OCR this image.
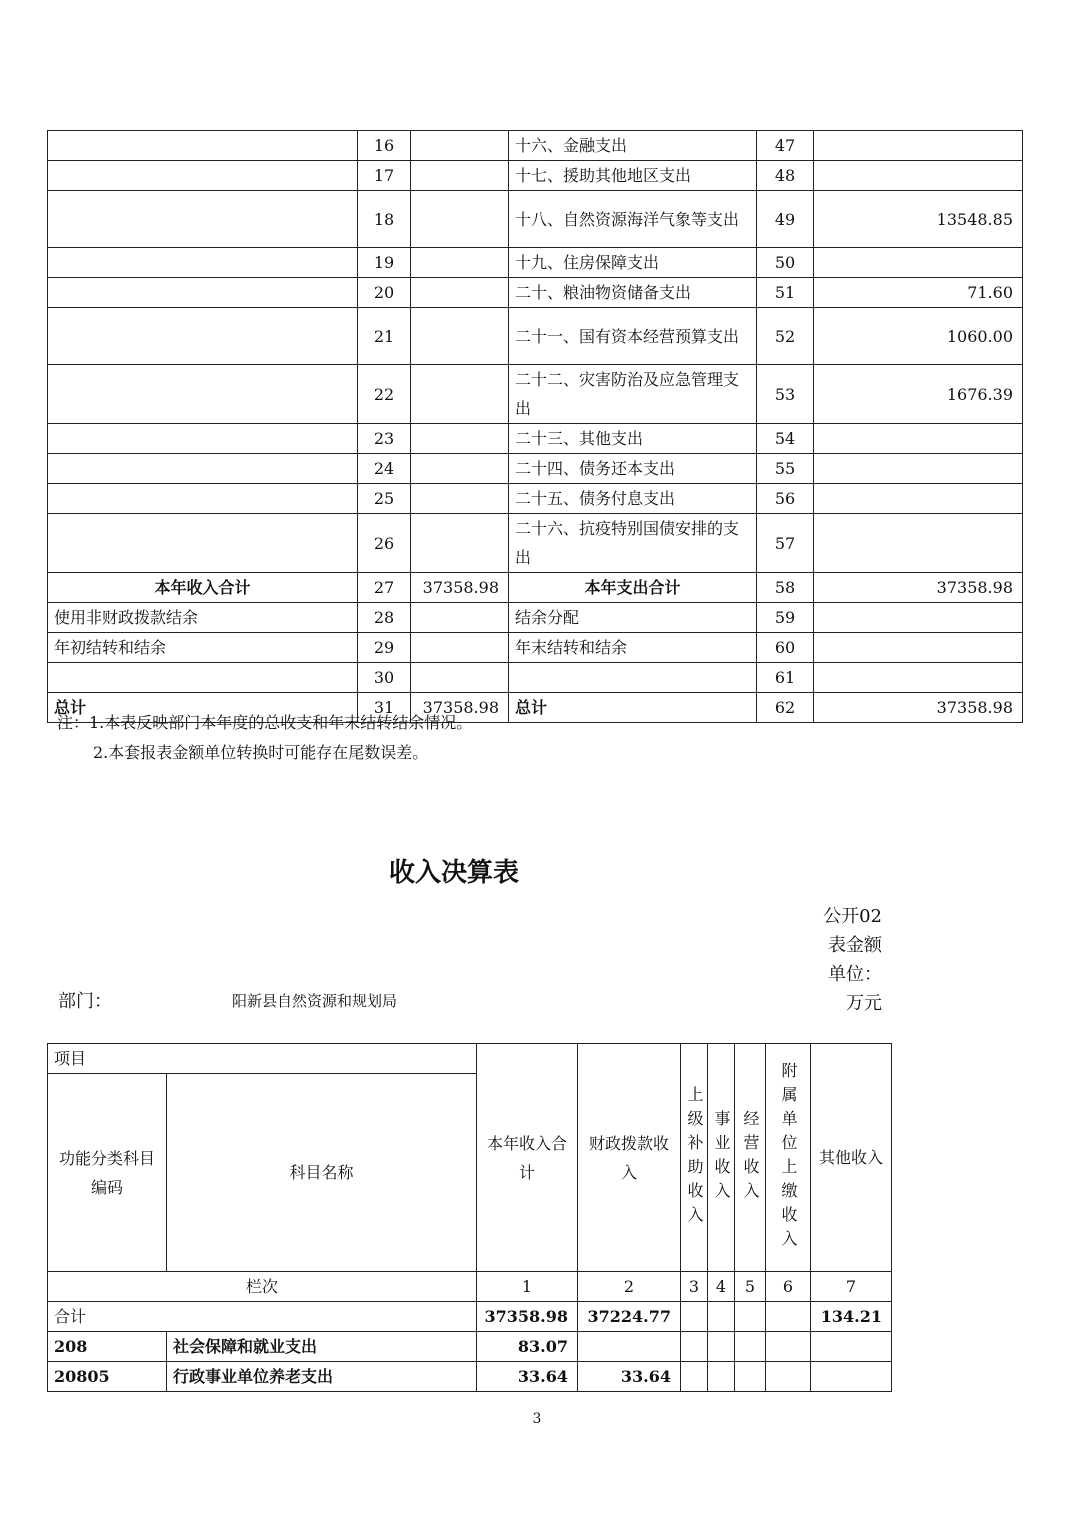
	16		十六、金融支出	47	
	17		十七、援助其他地区支出	48	
	18		十八、自然资源海洋气象等支出	49	13548.85
	19		十九、住房保障支出	50	
	20		二十、粮油物资储备支出	51	71.60
	21		二十一、国有资本经营预算支出	52	1060.00
	22		二十二、灾害防治及应急管理支出	53	1676.39
	23		二十三、其他支出	54	
	24		二十四、债务还本支出	55	
	25		二十五、债务付息支出	56	
	26		二十六、抗疫特别国债安排的支出	57	
本年收入合计	27	37358.98	本年支出合计	58	37358.98
使用非财政拨款结余	28		结余分配	59	
年初结转和结余	29		年末结转和结余	60	
	30			61	
总计	31	37358.98	总计	62	37358.98
注：1.本表反映部门本年度的总收支和年末结转结余情况。
2.本套报表金额单位转换时可能存在尾数误差。
收入决算表
公开02表金额单位：万元
部门：	阳新县自然资源和规划局
项目		本年收入合计	财政拨款收入	上级补助收入	事业收入	经营收入	附属单位上缴收入	其他收入
功能分类科目编码	科目名称							
栏次		1	2	3	4	5	6	7
合计		37358.98	37224.77					134.21
208	社会保障和就业支出	83.07						
20805	行政事业单位养老支出	33.64	33.64					
3
